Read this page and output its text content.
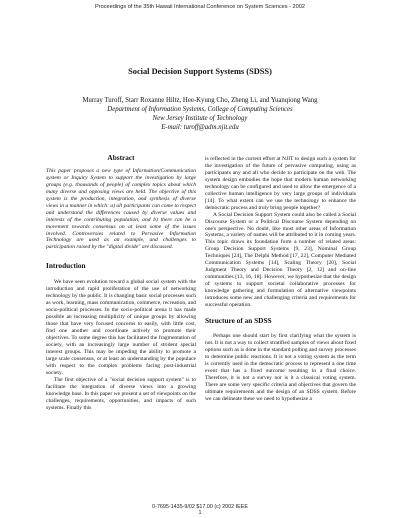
Proceedings of the 35th Hawaii International Conference on System Sciences - 2002
Social Decision Support Systems (SDSS)
Murray Turoff, Starr Roxanne Hiltz, Hee-Kyung Cho, Zheng Li, and Yuanqiong Wang
Department of Information Systems, College of Computing Sciences
New Jersey Institute of Technology
E-mail: turoff@adm.njit.edu
Abstract

This paper proposes a new type of Information/Communication system or Inquiry System to support the investigation by large groups (e.g. thousands of people) of complex topics about which many diverse and opposing views are held. The objective of this system is the production, integration, and synthesis of diverse views in a manner in which: a) all participants can come to respect and understand the differences caused by diverse values and interests of the contributing population, and b) there can be a movement towards consensus on at least some of the issues involved. Controversies related to Pervasive Information Technology are used as an example, and challenges to participation raised by the "digital divide" are discussed.

Introduction

We have seen evolution toward a global social system with the introduction and rapid proliferation of the use of networking technology by the public. It is changing basic social processes such as work, learning, mass communication, commerce, recreation, and socio-political processes. In the socio-political arena it has made possible an increasing multiplicity of unique groups by allowing those that have very focused concerns to easily, with little cost, find one another and coordinate actively to promote their objectives. To some degree this has facilitated the fragmentation of society, with an increasingly large number of strident special interest groups. This may be impeding the ability to promote a large scale consensus, or at least an understanding by the populace with respect to the complex problems facing post-industrial society.

The first objective of a "social decision support system" is to facilitate the integration of diverse views into a growing knowledge base. In this paper we present a set of viewpoints on the challenges, requirements, opportunities, and impacts of such systems. Finally this

is reflected in the current effort at NJIT to design such a system for the investigation of the future of pervasive computing, using as participants any and all who decide to participate on the web. The system design embodies the hope that modern human networking technology can be configured and used to allow the emergence of a collective human intelligence by very large groups of individuals [14]. To what extent can we use the technology to enhance the democratic process and truly bring people together?

A Social Decision Support System could also be called a Social Discourse System or a Political Discourse System depending on one's perspective. No doubt, like most other areas of Information Systems, a variety of names will be attributed to it in coming years. This topic draws its foundation form a number of related areas: Group Decision Support Systems [9, 23], Nominal Group Techniques [24], The Delphi Method [17, 22], Computer Mediated Communication Systems [14], Scaling Theory [20], Social Judgment Theory and Decision Theory [2, 12] and on-line communities [13, 16, 18]. However, we hypothesize that the design of systems to support societal collaborative processes for knowledge gathering and formulation of alternative viewpoints introduces some new and challenging criteria and requirements for successful operation.

Structure of an SDSS

Perhaps one should start by first clarifying what the system is not. It is not a way to collect stratified samples of views about fixed options such as is done in the standard polling and survey processes to determine public reactions. It is not a voting system as the term is currently used in the democratic process to represent a one time event that has a fixed outcome resulting in a final choice. Therefore, it is not a survey nor is it a classical voting system. There are some very specific criteria and objectives that govern the ultimate requirements and the design of an SDSS system. Before we can delineate these we need to hypothesize a

0-7695-1435-9/02 $17.00 (c) 2002 IEEE
1
